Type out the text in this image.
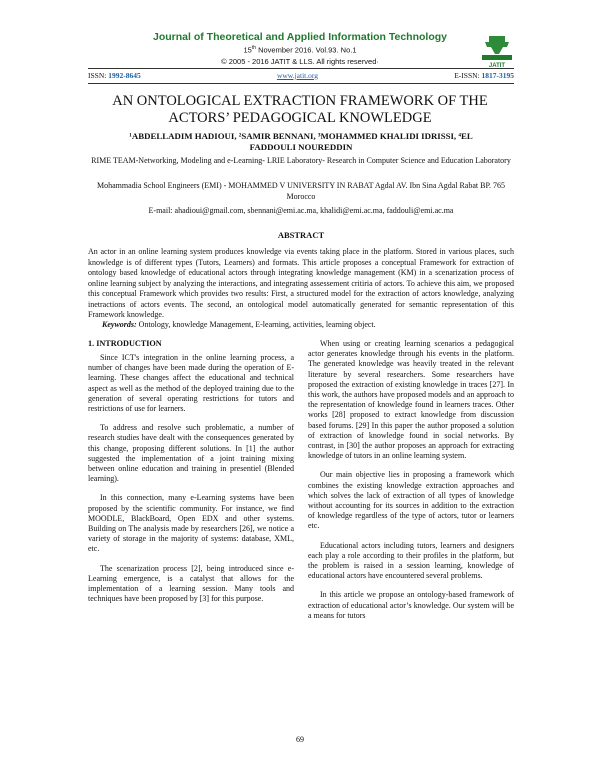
Journal of Theoretical and Applied Information Technology
15th November 2016. Vol.93. No.1
© 2005 - 2016 JATIT & LLS. All rights reserved·	JATIT
ISSN: 1992-8645	www.jatit.org	E-ISSN: 1817-3195
AN ONTOLOGICAL EXTRACTION FRAMEWORK OF THE
ACTORS’ PEDAGOGICAL KNOWLEDGE
¹ABDELLADIM HADIOUI, ²SAMIR BENNANI, ³MOHAMMED KHALIDI IDRISSI, ⁴EL
FADDOULI NOUREDDIN
RIME TEAM-Networking, Modeling and e-Learning- LRIE Laboratory- Research in Computer Science and Education Laboratory
Mohammadia School Engineers (EMI) - MOHAMMED V UNIVERSITY IN RABAT Agdal AV. Ibn Sina Agdal Rabat BP. 765 Morocco
E-mail: ahadioui@gmail.com, sbennani@emi.ac.ma, khalidi@emi.ac.ma, faddouli@emi.ac.ma
ABSTRACT
An actor in an online learning system produces knowledge via events taking place in the platform. Stored in various places, such knowledge is of different types (Tutors, Learners) and formats. This article proposes a conceptual Framework for extraction of ontology based knowledge of educational actors through integrating knowledge management (KM) in a scenarization process of online learning subject by analyzing the interactions, and integrating assessement critiria of actors. To achieve this aim, we proposed this conceptual Framework which provides two results: First, a structured model for the extraction of actors knowledge, analyzing inetractions of actors events. The second, an ontological model automatically generated for semantic representation of this Framework knowledge.
Keywords: Ontology, knowledge Management, E-learning, activities, learning object.
1. INTRODUCTION

Since ICT's integration in the online learning process, a number of changes have been made during the operation of E-learning. These changes affect the educational and technical aspect as well as the method of the deployed training due to the generation of several operating restrictions for tutors and restrictions of use for learners.

To address and resolve such problematic, a number of research studies have dealt with the consequences generated by this change, proposing different solutions. In [1] the author suggested the implementation of a joint training mixing between online education and training in presentiel (Blended learning).

In this connection, many e-Learning systems have been proposed by the scientific community. For instance, we find MOODLE, BlackBoard, Open EDX and other systems. Building on The analysis made by researchers [26], we notice a variety of storage in the majority of systems: database, XML, etc.

The scenarization process [2], being introduced since e-Learning emergence, is a catalyst that allows for the implementation of a learning session. Many tools and techniques have been proposed by [3] for this purpose.

When using or creating learning scenarios a pedagogical actor generates knowledge through his events in the platform. The generated knowledge was heavily treated in the relevant literature by several researchers. Some researchers have proposed the extraction of existing knowledge in traces [27]. In this work, the authors have proposed models and an approach to the representation of knowledge found in learners traces. Other works [28] proposed to extract knowledge from discussion based forums. [29] In this paper the author proposed a solution of extraction of knowledge found in social networks. By contrast, in [30] the author proposes an approach for extracting knowledge of tutors in an online learning system.

Our main objective lies in proposing a framework which combines the existing knowledge extraction approaches and which solves the lack of extraction of all types of knowledge without accounting for its sources in addition to the extraction of knowledge regardless of the type of actors, tutor or learners etc.

Educational actors including tutors, learners and designers each play a role according to their profiles in the platform, but the problem is raised in a session learning, knowledge of educational actors have encountered several problems.

In this article we propose an ontology-based framework of extraction of educational actor’s knowledge. Our system will be a means for tutors

69
